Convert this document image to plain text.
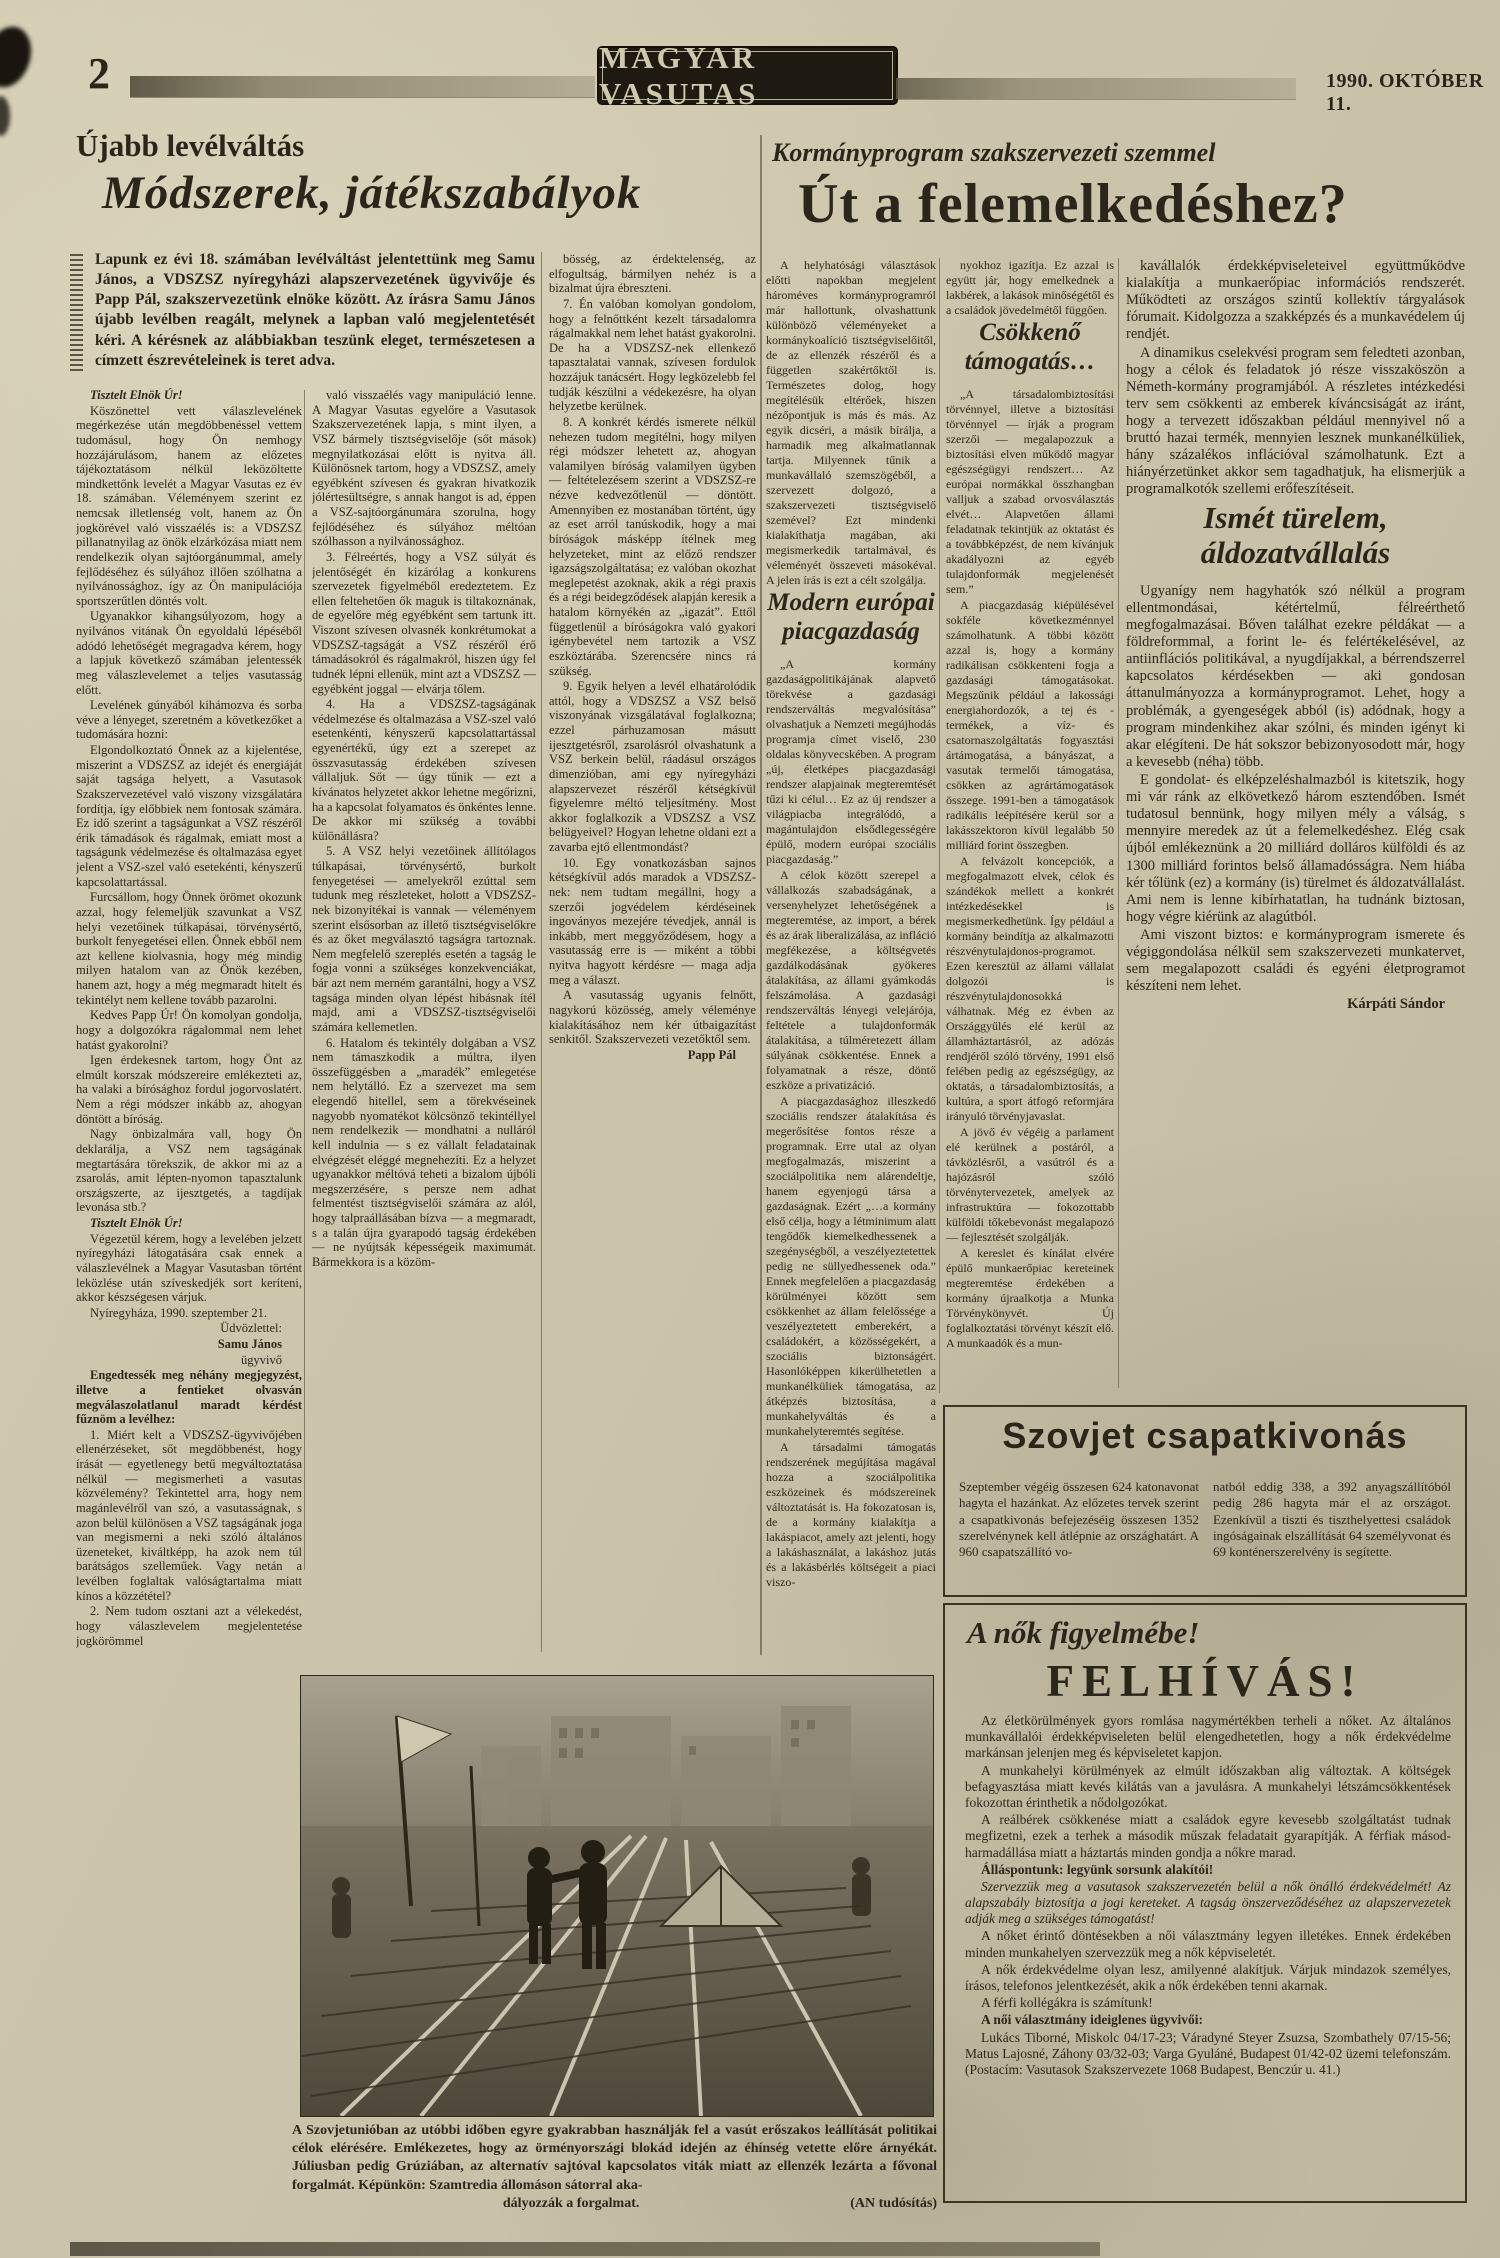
2	MAGYAR VASUTAS	1990. OKTÓBER 11.
Újabb levélváltás
Módszerek, játékszabályok
Lapunk ez évi 18. számában levélváltást jelentettünk meg Samu János, a VDSZSZ nyíregyházi alapszervezetének ügyvivője és Papp Pál, szakszervezetünk elnöke között. Az írásra Samu János újabb levélben reagált, melynek a lapban való megjelentetését kéri. A kérésnek az alábbiakban teszünk eleget, természetesen a címzett észrevételeinek is teret adva.

Tisztelt Elnök Úr!

Köszönettel vett válaszlevelének megérkezése után megdöbbenéssel vettem tudomásul, hogy Ön nemhogy hozzájárulásom, hanem az előzetes tájékoztatásom nélkül leközöltette mindkettőnk levelét a Magyar Vasutas ez év 18. számában. Véleményem szerint ez nemcsak illetlenség volt, hanem az Ön jogkörével való visszaélés is: a VDSZSZ pillanatnyilag az önök elzárkózása miatt nem rendelkezik olyan sajtóorgánummal, amely fejlődéséhez és súlyához illően szólhatna a nyilvánossághoz, így az Ön manipulációja sportszerűtlen döntés volt.

Ugyanakkor kihangsúlyozom, hogy a nyilvános vitának Ön egyoldalú lépéséből adódó lehetőségét megragadva kérem, hogy a lapjuk következő számában jelentessék meg válaszlevelemet a teljes vasutasság előtt.

Levelének gúnyából kihámozva és sorba véve a lényeget, szeretném a következőket a tudomására hozni:

Elgondolkoztató Önnek az a kijelentése, miszerint a VDSZSZ az idejét és energiáját saját tagsága helyett, a Vasutasok Szakszervezetével való viszony vizsgálatára fordítja, így előbbiek nem fontosak számára. Ez idő szerint a tagságunkat a VSZ részéről érik támadások és rágalmak, emiatt most a tagságunk védelmezése és oltalmazása egyet jelent a VSZ-szel való esetekénti, kényszerű kapcsolattartással.

Furcsállom, hogy Önnek örömet okozunk azzal, hogy felemeljük szavunkat a VSZ helyi vezetőinek túlkapásai, törvénysértő, burkolt fenyegetései ellen. Önnek ebből nem azt kellene kiolvasnia, hogy még mindig milyen hatalom van az Önök kezében, hanem azt, hogy a még megmaradt hitelt és tekintélyt nem kellene tovább pazarolni.

Kedves Papp Úr! Ön komolyan gondolja, hogy a dolgozókra rágalommal nem lehet hatást gyakorolni?

Igen érdekesnek tartom, hogy Önt az elmúlt korszak módszereire emlékezteti az, ha valaki a bírósághoz fordul jogorvoslatért. Nem a régi módszer inkább az, ahogyan döntött a bíróság.

Nagy önbizalmára vall, hogy Ön deklarálja, a VSZ nem tagságának megtartására törekszik, de akkor mi az a zsarolás, amit lépten-nyomon tapasztalunk országszerte, az ijesztgetés, a tagdíjak levonása stb.?

Tisztelt Elnök Úr!

Végezetül kérem, hogy a levelében jelzett nyíregyházi látogatására csak ennek a válaszlevélnek a Magyar Vasutasban történt leközlése után szíveskedjék sort keríteni, akkor készségesen várjuk.

Nyíregyháza, 1990. szeptember 21.

Üdvözlettel:

Samu János

ügyvivő

Engedtessék meg néhány megjegyzést, illetve a fentieket olvasván megválaszolatlanul maradt kérdést fűznöm a levélhez:

1. Miért kelt a VDSZSZ-ügyvivőjében ellenérzéseket, sőt megdöbbenést, hogy írását — egyetlenegy betű megváltoztatása nélkül — megismerheti a vasutas közvélemény? Tekintettel arra, hogy nem magánlevélről van szó, a vasutasságnak, s azon belül különösen a VSZ tagságának joga van megismerni a neki szóló általános üzeneteket, kiváltképp, ha azok nem túl barátságos szelleműek. Vagy netán a levélben foglaltak valóságtartalma miatt kínos a közzététel?

2. Nem tudom osztani azt a vélekedést, hogy válaszlevelem megjelentetése jogkörömmel

való visszaélés vagy manipuláció lenne. A Magyar Vasutas egyelőre a Vasutasok Szakszervezetének lapja, s mint ilyen, a VSZ bármely tisztségviselője (sőt mások) megnyilatkozásai előtt is nyitva áll. Különösnek tartom, hogy a VDSZSZ, amely egyébként szívesen és gyakran hivatkozik jólértesültségre, s annak hangot is ad, éppen a VSZ-sajtóorgánumára szorulna, hogy fejlődéséhez és súlyához méltóan szólhasson a nyilvánossághoz.

3. Félreértés, hogy a VSZ súlyát és jelentőségét én kizárólag a konkurens szervezetek figyelméből eredeztetem. Ez ellen feltehetően ők maguk is tiltakoznának, de egyelőre még egyébként sem tartunk itt. Viszont szívesen olvasnék konkrétumokat a VDSZSZ-tagságát a VSZ részéről érő támadásokról és rágalmakról, hiszen úgy fel tudnék lépni ellenük, mint azt a VDSZSZ — egyébként joggal — elvárja tőlem.

4. Ha a VDSZSZ-tagságának védelmezése és oltalmazása a VSZ-szel való esetenkénti, kényszerű kapcsolattartással egyenértékű, úgy ezt a szerepet az összvasutasság érdekében szívesen vállaljuk. Sőt — úgy tűnik — ezt a kívánatos helyzetet akkor lehetne megőrizni, ha a kapcsolat folyamatos és önkéntes lenne. De akkor mi szükség a további különállásra?

5. A VSZ helyi vezetőinek állítólagos túlkapásai, törvénysértő, burkolt fenyegetései — amelyekről ezúttal sem tudunk meg részleteket, holott a VDSZSZ-nek bizonyítékai is vannak — véleményem szerint elsősorban az illető tisztségviselőkre és az őket megválasztó tagságra tartoznak. Nem megfelelő szereplés esetén a tagság le fogja vonni a szükséges konzekvenciákat, bár azt nem merném garantálni, hogy a VSZ tagsága minden olyan lépést hibásnak ítél majd, ami a VDSZSZ-tisztségviselői számára kellemetlen.

6. Hatalom és tekintély dolgában a VSZ nem támaszkodik a múltra, ilyen összefüggésben a „maradék” emlegetése nem helytálló. Ez a szervezet ma sem elegendő hitellel, sem a törekvéseinek nagyobb nyomatékot kölcsönző tekintéllyel nem rendelkezik — mondhatni a nulláról kell indulnia — s ez vállalt feladatainak elvégzését eléggé megnehezíti. Ez a helyzet ugyanakkor méltóvá teheti a bizalom újbóli megszerzésére, s persze nem adhat felmentést tisztségviselői számára az alól, hogy talpraállásában bízva — a megmaradt, s a talán újra gyarapodó tagság érdekében — ne nyújtsák képességeik maximumát. Bármekkora is a közöm-

bösség, az érdektelenség, az elfogultság, bármilyen nehéz is a bizalmat újra ébreszteni.

7. Én valóban komolyan gondolom, hogy a felnőttként kezelt társadalomra rágalmakkal nem lehet hatást gyakorolni. De ha a VDSZSZ-nek ellenkező tapasztalatai vannak, szívesen fordulok hozzájuk tanácsért. Hogy legközelebb fel tudják készülni a védekezésre, ha olyan helyzetbe kerülnek.

8. A konkrét kérdés ismerete nélkül nehezen tudom megítélni, hogy milyen régi módszer lehetett az, ahogyan valamilyen bíróság valamilyen ügyben — feltételezésem szerint a VDSZSZ-re nézve kedvezőtlenül — döntött. Amennyiben ez mostanában történt, úgy az eset arról tanúskodik, hogy a mai bíróságok másképp ítélnek meg helyzeteket, mint az előző rendszer igazságszolgáltatása; ez valóban okozhat meglepetést azoknak, akik a régi praxis és a régi beidegződések alapján keresik a hatalom környékén az „igazát”. Ettől függetlenül a bíróságokra való gyakori igénybevétel nem tartozik a VSZ eszköztárába. Szerencsére nincs rá szükség.

9. Egyik helyen a levél elhatárolódik attól, hogy a VDSZSZ a VSZ belső viszonyának vizsgálatával foglalkozna; ezzel párhuzamosan másutt ijesztgetésről, zsarolásról olvashatunk a VSZ berkein belül, ráadásul országos dimenzióban, ami egy nyíregyházi alapszervezet részéről kétségkívül figyelemre méltó teljesítmény. Most akkor foglalkozik a VDSZSZ a VSZ belügyeivel? Hogyan lehetne oldani ezt a zavarba ejtő ellentmondást?

10. Egy vonatkozásban sajnos kétségkívül adós maradok a VDSZSZ-nek: nem tudtam megállni, hogy a szerzői jogvédelem kérdéseinek ingoványos mezejére tévedjek, annál is inkább, mert meggyőződésem, hogy a vasutasság erre is — miként a többi nyitva hagyott kérdésre — maga adja meg a választ.

A vasutasság ugyanis felnőtt, nagykorú közösség, amely véleménye kialakításához nem kér útbaigazítást senkitől. Szakszervezeti vezetőktől sem.

Papp Pál

Kormányprogram szakszervezeti szemmel
Út a felemelkedéshez?

A helyhatósági választások előtti napokban megjelent hároméves kormányprogramról már hallottunk, olvashattunk különböző véleményeket a kormánykoalíció tisztségviselőitől, de az ellenzék részéről és a független szakértőktől is. Természetes dolog, hogy megítélésük eltérőek, hiszen nézőpontjuk is más és más. Az egyik dicséri, a másik bírálja, a harmadik meg alkalmatlannak tartja. Milyennek tűnik a munkavállaló szemszögéből, a szervezett dolgozó, a szakszervezeti tisztségviselő szemével? Ezt mindenki kialakíthatja magában, aki megismerkedik tartalmával, és véleményét összeveti másokéval. A jelen írás is ezt a célt szolgálja.

Modern európai piacgazdaság

„A kormány gazdaságpolitikájának alapvető törekvése a gazdasági rendszerváltás megvalósítása” olvashatjuk a Nemzeti megújhodás programja címet viselő, 230 oldalas könyvecskében. A program „új, életképes piacgazdasági rendszer alapjainak megteremtését tűzi ki célul… Ez az új rendszer a világpiacba integrálódó, a magántulajdon elsődlegességére épülő, modern európai szociális piacgazdaság.”

A célok között szerepel a vállalkozás szabadságának, a versenyhelyzet lehetőségének a megteremtése, az import, a bérek és az árak liberalizálása, az infláció megfékezése, a költségvetés gazdálkodásának gyökeres átalakítása, az állami gyámkodás felszámolása. A gazdasági rendszerváltás lényegi velejárója, feltétele a tulajdonformák átalakítása, a túlméretezett állam súlyának csökkentése. Ennek a folyamatnak a része, döntő eszköze a privatizáció.

A piacgazdasághoz illeszkedő szociális rendszer átalakítása és megerősítése fontos része a programnak. Erre utal az olyan megfogalmazás, miszerint a szociálpolitika nem alárendeltje, hanem egyenjogú társa a gazdaságnak. Ezért „…a kormány első célja, hogy a létminimum alatt tengődők kiemelkedhessenek a szegénységből, a veszélyeztetettek pedig ne süllyedhessenek oda.” Ennek megfelelően a piacgazdaság körülményei között sem csökkenhet az állam felelőssége a veszélyeztetett emberekért, a családokért, a közösségekért, a szociális biztonságért. Hasonlóképpen kikerülhetetlen a munkanélküliek támogatása, az átképzés biztosítása, a munkahelyváltás és a munkahelyteremtés segítése.

A társadalmi támogatás rendszerének megújítása magával hozza a szociálpolitika eszközeinek és módszereinek változtatását is. Ha fokozatosan is, de a kormány kialakítja a lakáspiacot, amely azt jelenti, hogy a lakáshasználat, a lakáshoz jutás és a lakásbérlés költségeit a piaci viszo-

nyokhoz igazítja. Ez azzal is együtt jár, hogy emelkednek a lakbérek, a lakások minőségétől és a családok jövedelmétől függően.

Csökkenő támogatás…

„A társadalombiztosítási törvénnyel, illetve a biztosítási törvénnyel — írják a program szerzői — megalapozzuk a biztosítási elven működő magyar egészségügyi rendszert… Az európai normákkal összhangban valljuk a szabad orvosválasztás elvét… Alapvetően állami feladatnak tekintjük az oktatást és a továbbképzést, de nem kívánjuk akadályozni az egyéb tulajdonformák megjelenését sem.”

A piacgazdaság kiépülésével sokféle következménnyel számolhatunk. A többi között azzal is, hogy a kormány radikálisan csökkenteni fogja a gazdasági támogatásokat. Megszűnik például a lakossági energiahordozók, a tej és -termékek, a víz- és csatornaszolgáltatás fogyasztási ártámogatása, a bányászat, a vasutak termelői támogatása, csökken az agrártámogatások összege. 1991-ben a támogatások radikális leépítésére kerül sor a lakásszektoron kívül legalább 50 milliárd forint összegben.

A felvázolt koncepciók, a megfogalmazott elvek, célok és szándékok mellett a konkrét intézkedésekkel is megismerkedhetünk. Így például a kormány beindítja az alkalmazotti részvénytulajdonos-programot. Ezen keresztül az állami vállalat dolgozói is részvénytulajdonosokká válhatnak. Még ez évben az Országgyűlés elé kerül az államháztartásról, az adózás rendjéről szóló törvény, 1991 első felében pedig az egészségügy, az oktatás, a társadalombiztosítás, a kultúra, a sport átfogó reformjára irányuló törvényjavaslat.

A jövő év végéig a parlament elé kerülnek a postáról, a távközlésről, a vasútról és a hajózásról szóló törvénytervezetek, amelyek az infrastruktúra — fokozottabb külföldi tőkebevonást megalapozó — fejlesztését szolgálják.

A kereslet és kínálat elvére épülő munkaerőpiac kereteinek megteremtése érdekében a kormány újraalkotja a Munka Törvénykönyvét. Új foglalkoztatási törvényt készít elő. A munkaadók és a mun-

kavállalók érdekképviseleteivel együttműködve kialakítja a munkaerőpiac információs rendszerét. Működteti az országos szintű kollektív tárgyalások fórumait. Kidolgozza a szakképzés és a munkavédelem új rendjét.

A dinamikus cselekvési program sem feledteti azonban, hogy a célok és feladatok jó része visszaköszön a Németh-kormány programjából. A részletes intézkedési terv sem csökkenti az emberek kíváncsiságát az iránt, hogy a tervezett időszakban például mennyivel nő a bruttó hazai termék, mennyien lesznek munkanélküliek, hány százalékos inflációval számolhatunk. Ezt a hiányérzetünket akkor sem tagadhatjuk, ha elismerjük a programalkotók szellemi erőfeszítéseit.

Ismét türelem, áldozatvállalás

Ugyanígy nem hagyhatók szó nélkül a program ellentmondásai, kétértelmű, félreérthető megfogalmazásai. Bőven találhat ezekre példákat — a földreformmal, a forint le- és felértékelésével, az antiinflációs politikával, a nyugdíjakkal, a bérrendszerrel kapcsolatos kérdésekben — aki gondosan áttanulmányozza a kormányprogramot. Lehet, hogy a problémák, a gyengeségek abból (is) adódnak, hogy a program mindenkihez akar szólni, és minden igényt ki akar elégíteni. De hát sokszor bebizonyosodott már, hogy a kevesebb (néha) több.

E gondolat- és elképzeléshalmazból is kitetszik, hogy mi vár ránk az elkövetkező három esztendőben. Ismét tudatosul bennünk, hogy milyen mély a válság, s mennyire meredek az út a felemelkedéshez. Elég csak újból emlékeznünk a 20 milliárd dolláros külföldi és az 1300 milliárd forintos belső államadósságra. Nem hiába kér tőlünk (ez) a kormány (is) türelmet és áldozatvállalást. Ami nem is lenne kibírhatatlan, ha tudnánk biztosan, hogy végre kiérünk az alagútból.

Ami viszont biztos: e kormányprogram ismerete és végiggondolása nélkül sem szakszervezeti munkatervet, sem megalapozott családi és egyéni életprogramot készíteni nem lehet.

Kárpáti Sándor

Szovjet csapatkivonás
Szeptember végéig összesen 624 katonavonat hagyta el hazánkat. Az előzetes tervek szerint a csapatkivonás befejezéséig összesen 1352 szerelvénynek kell átlépnie az országhatárt. A 960 csapatszállító vo-
natból eddig 338, a 392 anyagszállítóból pedig 286 hagyta már el az országot. Ezenkívül a tiszti és tiszthelyettesi családok ingóságainak elszállítását 64 személyvonat és 69 konténerszerelvény is segítette.
A nők figyelmébe!
FELHÍVÁS!

Az életkörülmények gyors romlása nagymértékben terheli a nőket. Az általános munkavállalói érdekképviseleten belül elengedhetetlen, hogy a nők érdekvédelme markánsan jelenjen meg és képviseletet kapjon.

A munkahelyi körülmények az elmúlt időszakban alig változtak. A költségek befagyasztása miatt kevés kilátás van a javulásra. A munkahelyi létszámcsökkentések fokozottan érinthetik a nődolgozókat.

A reálbérek csökkenése miatt a családok egyre kevesebb szolgáltatást tudnak megfizetni, ezek a terhek a második műszak feladatait gyarapítják. A férfiak másod- harmadállása miatt a háztartás minden gondja a nőkre marad.

Álláspontunk: legyünk sorsunk alakítói!

Szervezzük meg a vasutasok szakszervezetén belül a nők önálló érdekvédelmét! Az alapszabály biztosítja a jogi kereteket. A tagság önszerveződéséhez az alapszervezetek adják meg a szükséges támogatást!

A nőket érintő döntésekben a női választmány legyen illetékes. Ennek érdekében minden munkahelyen szervezzük meg a nők képviseletét.

A nők érdekvédelme olyan lesz, amilyenné alakítjuk. Várjuk mindazok személyes, írásos, telefonos jelentkezését, akik a nők érdekében tenni akarnak.

A férfi kollégákra is számítunk!

A női választmány ideiglenes ügyvivői:

Lukács Tiborné, Miskolc 04/17-23; Váradyné Steyer Zsuzsa, Szombathely 07/15-56; Matus Lajosné, Záhony 03/32-03; Varga Gyuláné, Budapest 01/42-02 üzemi telefonszám. (Postacím: Vasutasok Szakszervezete 1068 Budapest, Benczúr u. 41.)

A Szovjetunióban az utóbbi időben egyre gyakrabban használják fel a vasút erőszakos leállítását politikai célok elérésére. Emlékezetes, hogy az örményországi blokád idején az éhínség vetette előre árnyékát. Júliusban pedig Grúziában, az alternatív sajtóval kapcsolatos viták miatt az ellenzék lezárta a fővonal forgalmát. Képünkön: Szamtredia állomáson sátorral aka-
dályozzák a forgalmat.	(AN tudósítás)
